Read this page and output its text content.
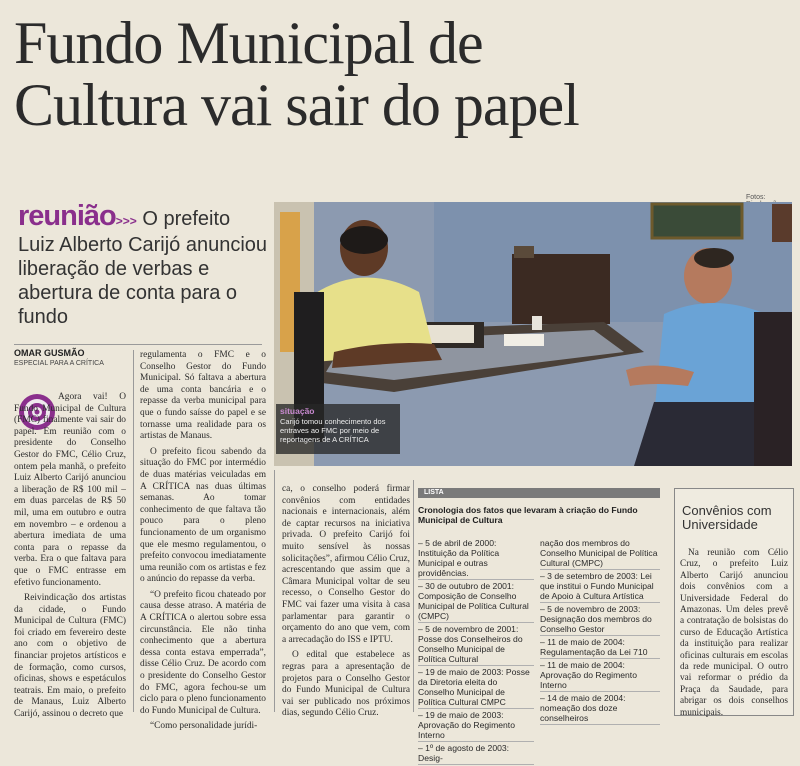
Fundo Municipal de
Cultura vai sair do papel
Fotos:
reunião>>> O prefeito Luiz Alberto Carijó anunciou liberação de verbas e abertura de conta para o fundo
OMAR GUSMÃO
ESPECIAL PARA A CRÍTICA

Agora vai! O Fundo Municipal de Cultura (FMC) finalmente vai sair do papel. Em reunião com o presidente do Conselho Gestor do FMC, Célio Cruz, ontem pela manhã, o prefeito Luiz Alberto Carijó anunciou a liberação de R$ 100 mil – em duas parcelas de R$ 50 mil, uma em outubro e outra em novembro – e ordenou a abertura imediata de uma conta para o repasse da verba. Era o que faltava para que o FMC entrasse em efetivo funcionamento.

Reivindicação dos artistas da cidade, o Fundo Municipal de Cultura (FMC) foi criado em fevereiro deste ano com o objetivo de financiar projetos artísticos e de formação, como cursos, oficinas, shows e espetáculos teatrais. Em maio, o prefeito de Manaus, Luiz Alberto Carijó, assinou o decreto que

regulamenta o FMC e o Conselho Gestor do Fundo Municipal. Só faltava a abertura de uma conta bancária e o repasse da verba municipal para que o fundo saísse do papel e se tornasse uma realidade para os artistas de Manaus.

O prefeito ficou sabendo da situação do FMC por intermédio de duas matérias veiculadas em A CRÍTICA nas duas últimas semanas. Ao tomar conhecimento de que faltava tão pouco para o pleno funcionamento de um organismo que ele mesmo regulamentou, o prefeito convocou imediatamente uma reunião com os artistas e fez o anúncio do repasse da verba.

“O prefeito ficou chateado por causa desse atraso. A matéria de A CRÍTICA o alertou sobre essa circunstância. Ele não tinha conhecimento que a abertura dessa conta estava emperrada”, disse Célio Cruz. De acordo com o presidente do Conselho Gestor do FMC, agora fechou-se um ciclo para o pleno funcionamento do Fundo Municipal de Cultura.

“Como personalidade jurídi-

ca, o conselho poderá firmar convênios com entidades nacionais e internacionais, além de captar recursos na iniciativa privada. O prefeito Carijó foi muito sensível às nossas solicitações”, afirmou Célio Cruz, acrescentando que assim que a Câmara Municipal voltar de seu recesso, o Conselho Gestor do FMC vai fazer uma visita à casa parlamentar para garantir o orçamento do ano que vem, com a arrecadação do ISS e IPTU.

O edital que estabelece as regras para a apresentação de projetos para o Conselho Gestor do Fundo Municipal de Cultura vai ser publicado nos próximos dias, segundo Célio Cruz.

situação
Carijó tomou conhecimento dos entraves ao FMC por meio de reportagens de A CRÍTICA
LISTA
Cronologia dos fatos que levaram à criação do Fundo Municipal de Cultura
– 5 de abril de 2000: Instituição da Política Municipal e outras providências.
– 30 de outubro de 2001: Composição de Conselho Municipal de Política Cultural (CMPC)
– 5 de novembro de 2001: Posse dos Conselheiros do Conselho Municipal de Política Cultural
– 19 de maio de 2003: Posse da Diretoria eleita do Conselho Municipal de Política Cultural CMPC
– 19 de maio de 2003: Aprovação do Regimento Interno
– 1º de agosto de 2003: Desig-
nação dos membros do Conselho Municipal de Política Cultural (CMPC)
– 3 de setembro de 2003: Lei que institui o Fundo Municipal de Apoio à Cultura Artística
– 5 de novembro de 2003: Designação dos membros do Conselho Gestor
– 11 de maio de 2004: Regulamentação da Lei 710
– 11 de maio de 2004: Aprovação do Regimento Interno
– 14 de maio de 2004: nomeação dos doze conselheiros
Convênios com Universidade
Na reunião com Célio Cruz, o prefeito Luiz Alberto Carijó anunciou dois convênios com a Universidade Federal do Amazonas. Um deles prevê a contratação de bolsistas do curso de Educação Artística da instituição para realizar oficinas culturais em escolas da rede municipal. O outro vai reformar o prédio da Praça da Saudade, para abrigar os dois conselhos municipais.
